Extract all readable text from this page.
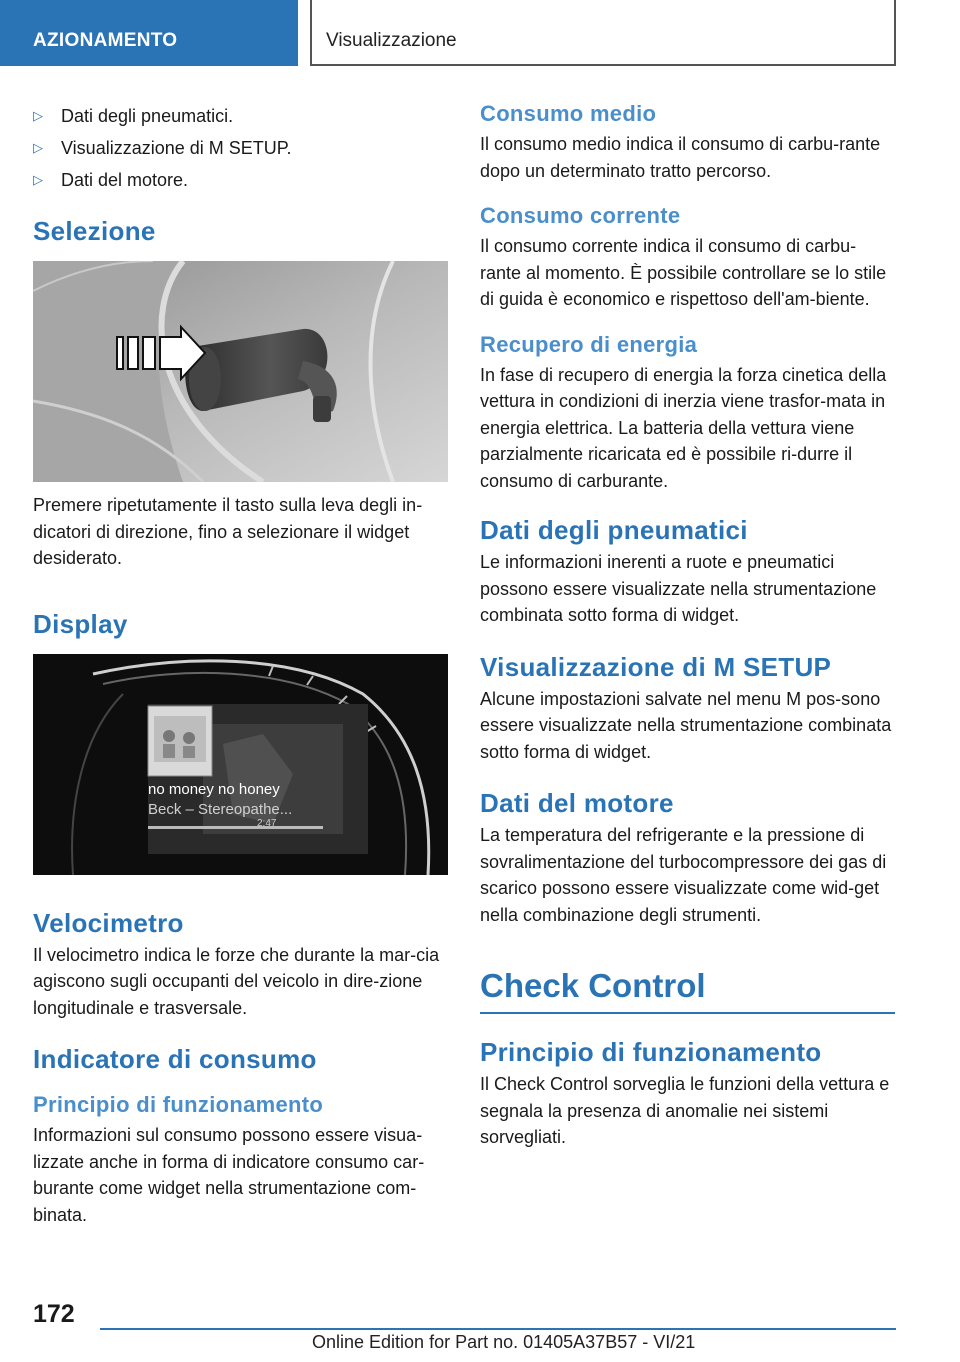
AZIONAMENTO	Visualizzazione
▷ Dati degli pneumatici.
▷ Visualizzazione di M SETUP.
▷ Dati del motore.
Selezione

Premere ripetutamente il tasto sulla leva degli in-dicatori di direzione, fino a selezionare il widget desiderato.

Display
no money no honey
Beck – Stereopathe...
2:47
Velocimetro

Il velocimetro indica le forze che durante la mar-cia agiscono sugli occupanti del veicolo in dire-zione longitudinale e trasversale.

Indicatore di consumo
Principio di funzionamento

Informazioni sul consumo possono essere visua-lizzate anche in forma di indicatore consumo car-burante come widget nella strumentazione com-binata.

Consumo medio

Il consumo medio indica il consumo di carbu-rante dopo un determinato tratto percorso.

Consumo corrente

Il consumo corrente indica il consumo di carbu-rante al momento. È possibile controllare se lo stile di guida è economico e rispettoso dell'am-biente.

Recupero di energia

In fase di recupero di energia la forza cinetica della vettura in condizioni di inerzia viene trasfor-mata in energia elettrica. La batteria della vettura viene parzialmente ricaricata ed è possibile ri-durre il consumo di carburante.

Dati degli pneumatici

Le informazioni inerenti a ruote e pneumatici possono essere visualizzate nella strumentazione combinata sotto forma di widget.

Visualizzazione di M SETUP

Alcune impostazioni salvate nel menu M pos-sono essere visualizzate nella strumentazione combinata sotto forma di widget.

Dati del motore

La temperatura del refrigerante e la pressione di sovralimentazione del turbocompressore dei gas di scarico possono essere visualizzate come wid-get nella combinazione degli strumenti.

Check Control
Principio di funzionamento

Il Check Control sorveglia le funzioni della vettura e segnala la presenza di anomalie nei sistemi sorvegliati.

172
Online Edition for Part no. 01405A37B57 - VI/21
